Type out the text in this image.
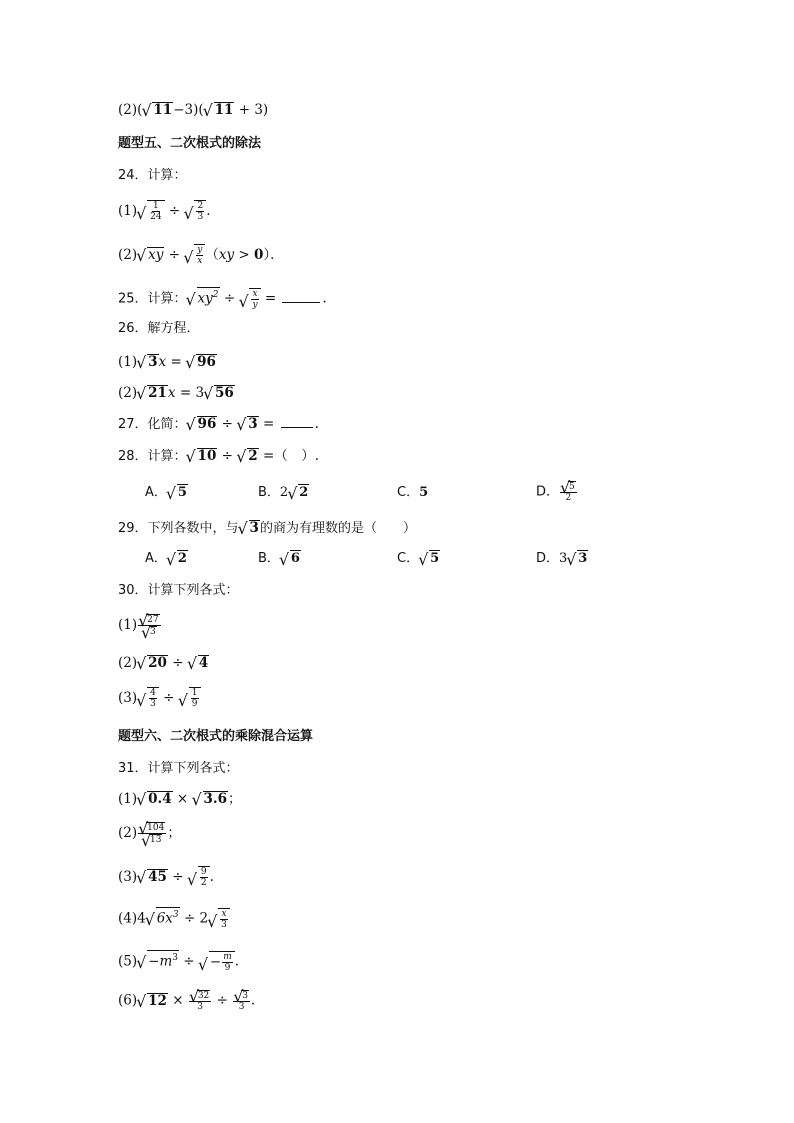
(2)(√ 11−3)(√ 11 + 3)
题型五、二次根式的除法
24．计算：
(1)
√ $\frac{1}{24}$ ÷
√ $\frac{2}{3}$ .
(2)√ xy ÷
√ $\frac{y}{x} (xy > 0)$．
25．计算：√ $xy^2$ ÷
√ $\frac{x}{y}$ =	.
26．解方程．
(1)√ 3x = √ 96
(2)√ 21x = 3√ 56
27．化简：√ 96 ÷ √ 3 =	.
28．计算：√ 10 ÷ √ 2 =（　）.
A．√ 5	B．2√ 2	C．5	D．
√ $\frac{5}{2}$
29．下列各数中，与√ 3的商为有理数的是（　　）
A．√ 2	B．√ 6	C．√ 5	D．3√ 3
30．计算下列各式：
(1)
√ 27
√ 3
(2)√ 20 ÷ √ 4
(3)
√ $\frac{4}{3}$ ÷
√ $\frac{1}{9}$
题型六、二次根式的乘除混合运算
31．计算下列各式：
(1)√ 0.4 × √ 3.6；
(2)
√ 104
√ 13 ；
(3)√ 45 ÷
√ $\frac{9}{2}$ .
(4)4√ $6x^3 \div 2$
√ $\frac{x}{3}$
$(5)√ -m^3$ ÷ √ − $\frac{m}{9}$ .
(6)√ 12 ×
√ $\frac{32}{3}$ ÷
√ $\frac{3}{3}$ .
